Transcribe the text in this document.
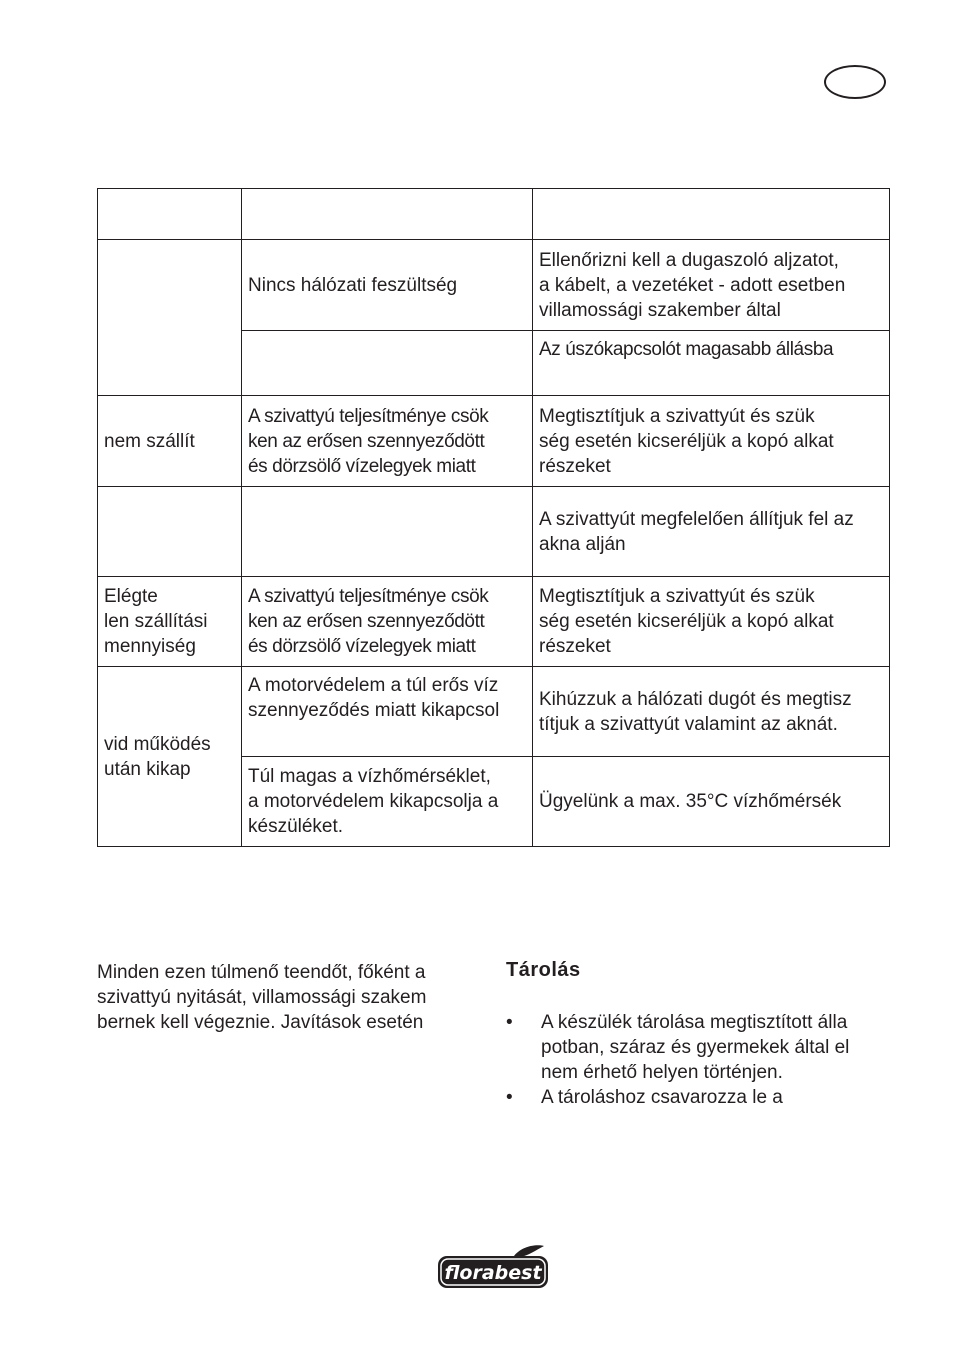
	Nincs hálózati feszültség	Ellenőrizni kell a dugaszoló aljzatot,
a kábelt, a vezetéket - adott esetben
villamossági szakember által

		Az úszókapcsolót magasabb állásba

nem szállít	A szivattyú teljesítménye csök
ken az erősen szennyeződött
és dörzsölő vízelegyek miatt	Megtisztítjuk a szivattyút és szük
ség esetén kicseréljük a kopó alkat
részeket

		A szivattyút megfelelően állítjuk fel az
akna alján

Elégte
len szállítási
mennyiség	A szivattyú teljesítménye csök
ken az erősen szennyeződött
és dörzsölő vízelegyek miatt	Megtisztítjuk a szivattyút és szük
ség esetén kicseréljük a kopó alkat
részeket

vid működés
után kikap	A motorvédelem a túl erős víz
szennyeződés miatt kikapcsol	Kihúzzuk a hálózati dugót és megtisz
títjuk a szivattyút valamint az aknát.

	Túl magas a vízhőmérséklet,
a motorvédelem kikapcsolja a
készüléket.	Ügyelünk a max. 35°C vízhőmérsék
Minden ezen túlmenő teendőt, főként a
szivattyú nyitását, villamossági szakem
bernek kell végeznie. Javítások esetén
Tárolás
• A készülék tárolása megtisztított álla
potban, száraz és gyermekek által el
nem érhető helyen történjen.
• A tároláshoz csavarozza le a
florabest
